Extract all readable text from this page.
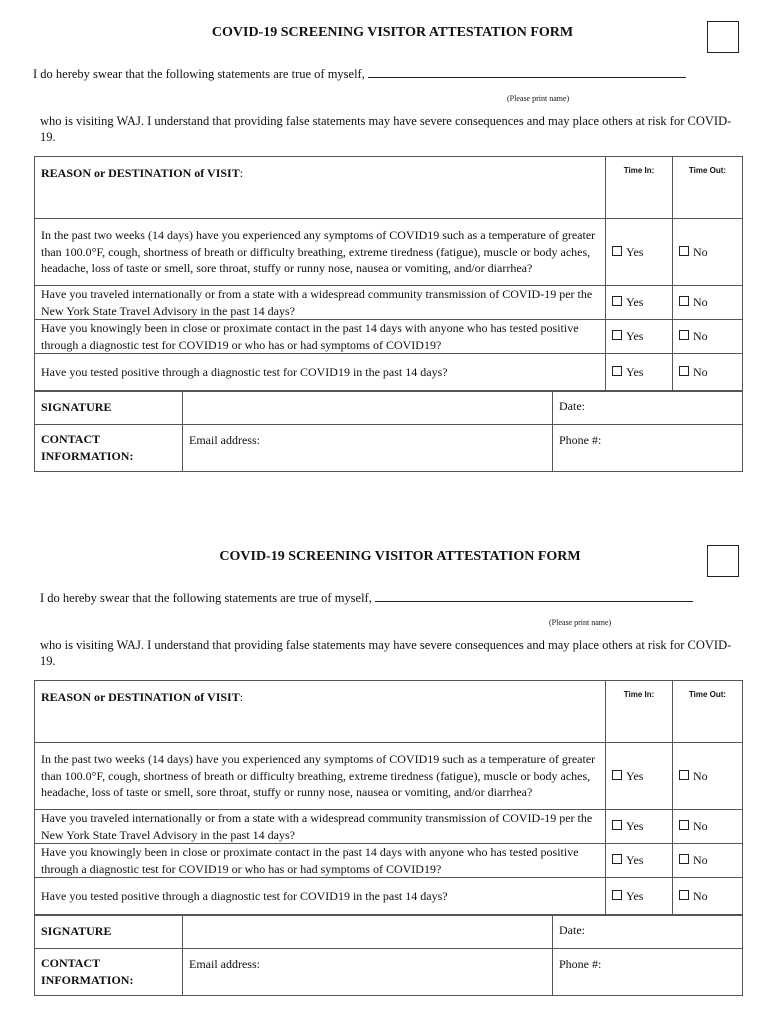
COVID-19 SCREENING VISITOR ATTESTATION FORM
I do hereby swear that the following statements are true of myself,
(Please print name)
who is visiting WAJ. I understand that providing false statements may have severe consequences and may place others at risk for COVID-19.
REASON or DESTINATION of VISIT:	Time In:	Time Out:
In the past two weeks (14 days) have you experienced any symptoms of COVID19 such as a temperature of greater than 100.0°F, cough, shortness of breath or difficulty breathing, extreme tiredness (fatigue), muscle or body aches, headache, loss of taste or smell, sore throat, stuffy or runny nose, nausea or vomiting, and/or diarrhea?	Yes	No
Have you traveled internationally or from a state with a widespread community transmission of COVID-19 per the New York State Travel Advisory in the past 14 days?	Yes	No
Have you knowingly been in close or proximate contact in the past 14 days with anyone who has tested positive through a diagnostic test for COVID19 or who has or had symptoms of COVID19?	Yes	No
Have you tested positive through a diagnostic test for COVID19 in the past 14 days?	Yes	No
SIGNATURE		Date:
CONTACT INFORMATION:	Email address:	Phone #:
COVID-19 SCREENING VISITOR ATTESTATION FORM
I do hereby swear that the following statements are true of myself,
(Please print name)
who is visiting WAJ. I understand that providing false statements may have severe consequences and may place others at risk for COVID-19.
REASON or DESTINATION of VISIT:	Time In:	Time Out:
In the past two weeks (14 days) have you experienced any symptoms of COVID19 such as a temperature of greater than 100.0°F, cough, shortness of breath or difficulty breathing, extreme tiredness (fatigue), muscle or body aches, headache, loss of taste or smell, sore throat, stuffy or runny nose, nausea or vomiting, and/or diarrhea?	Yes	No
Have you traveled internationally or from a state with a widespread community transmission of COVID-19 per the New York State Travel Advisory in the past 14 days?	Yes	No
Have you knowingly been in close or proximate contact in the past 14 days with anyone who has tested positive through a diagnostic test for COVID19 or who has or had symptoms of COVID19?	Yes	No
Have you tested positive through a diagnostic test for COVID19 in the past 14 days?	Yes	No
SIGNATURE		Date:
CONTACT INFORMATION:	Email address:	Phone #:
